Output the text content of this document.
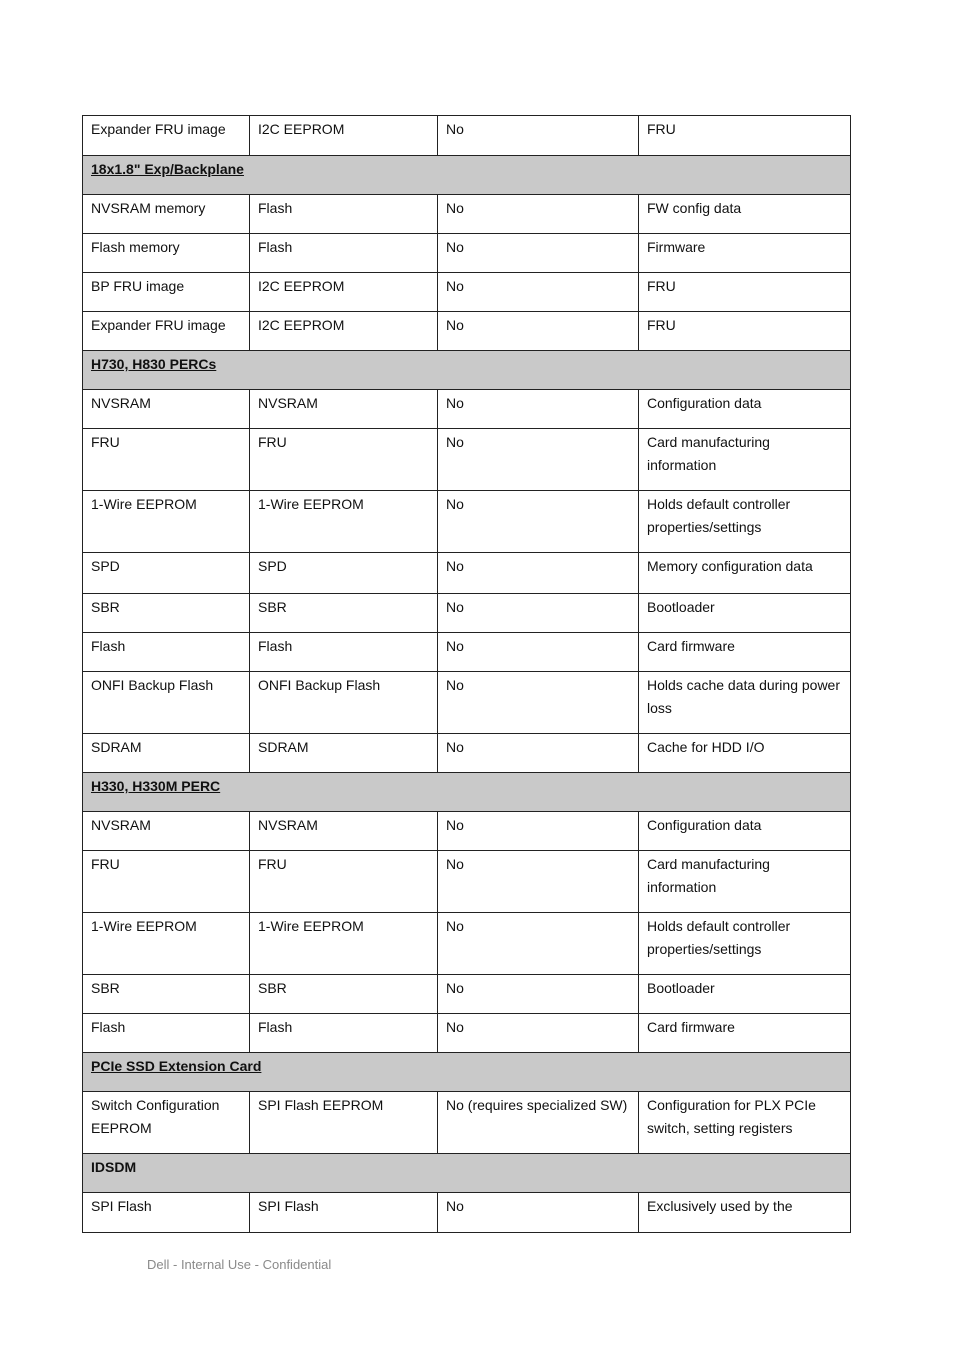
Expander FRU image	I2C EEPROM	No	FRU
18x1.8" Exp/Backplane			
NVSRAM memory	Flash	No	FW config data
Flash memory	Flash	No	Firmware
BP FRU image	I2C EEPROM	No	FRU
Expander FRU image	I2C EEPROM	No	FRU
H730, H830 PERCs			
NVSRAM	NVSRAM	No	Configuration data
FRU	FRU	No	Card manufacturing information
1-Wire EEPROM	1-Wire EEPROM	No	Holds default controller properties/settings
SPD	SPD	No	Memory configuration data
SBR	SBR	No	Bootloader
Flash	Flash	No	Card firmware
ONFI Backup Flash	ONFI Backup Flash	No	Holds cache data during power loss
SDRAM	SDRAM	No	Cache for HDD I/O
H330, H330M PERC			
NVSRAM	NVSRAM	No	Configuration data
FRU	FRU	No	Card manufacturing information
1-Wire EEPROM	1-Wire EEPROM	No	Holds default controller properties/settings
SBR	SBR	No	Bootloader
Flash	Flash	No	Card firmware
PCIe SSD Extension Card			
Switch Configuration EEPROM	SPI Flash EEPROM	No (requires specialized SW)	Configuration for PLX PCIe switch, setting registers
IDSDM			
SPI Flash	SPI Flash	No	Exclusively used by the
Dell - Internal Use - Confidential
